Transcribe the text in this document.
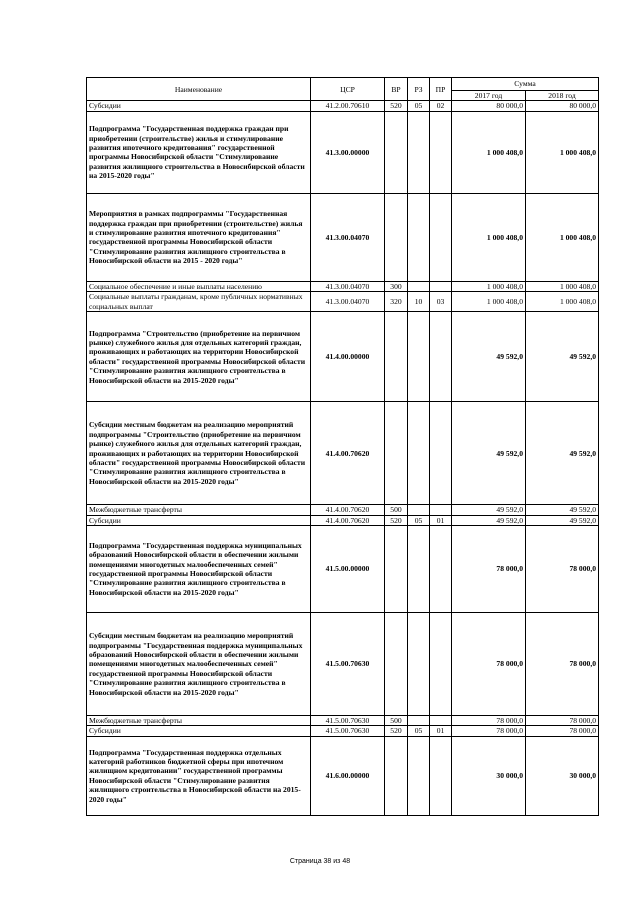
Наименование	ЦСР	ВР	РЗ	ПР	Сумма	
					2017 год	2018 год
Субсидии	41.2.00.70610	520	05	02	80 000,0	80 000,0
Подпрограмма "Государственная поддержка граждан при приобретении (строительстве) жилья и стимулирование развития ипотечного кредитования" государственной программы Новосибирской области "Стимулирование развития жилищного строительства в Новосибирской области на 2015-2020 годы"	41.3.00.00000				1 000 408,0	1 000 408,0
Мероприятия в рамках подпрограммы "Государственная поддержка граждан при приобретении (строительстве) жилья и стимулирование развития ипотечного кредитования" государственной программы Новосибирской области "Стимулирование развития жилищного строительства в Новосибирской области на 2015 - 2020 годы"	41.3.00.04070				1 000 408,0	1 000 408,0
Социальное обеспечение и иные выплаты населению	41.3.00.04070	300			1 000 408,0	1 000 408,0
Социальные выплаты гражданам, кроме публичных нормативных социальных выплат	41.3.00.04070	320	10	03	1 000 408,0	1 000 408,0
Подпрограмма "Строительство (приобретение на первичном рынке) служебного жилья для отдельных категорий граждан, проживающих и работающих на территории Новосибирской области" государственной программы Новосибирской области "Стимулирование развития жилищного строительства в Новосибирской области на 2015-2020 годы"	41.4.00.00000				49 592,0	49 592,0
Субсидии местным бюджетам на реализацию мероприятий подпрограммы "Строительство (приобретение на первичном рынке) служебного жилья для отдельных категорий граждан, проживающих и работающих на территории Новосибирской области" государственной программы Новосибирской области "Стимулирование развития жилищного строительства в Новосибирской области на 2015-2020 годы"	41.4.00.70620				49 592,0	49 592,0
Межбюджетные трансферты	41.4.00.70620	500			49 592,0	49 592,0
Субсидии	41.4.00.70620	520	05	01	49 592,0	49 592,0
Подпрограмма "Государственная поддержка муниципальных образований Новосибирской области в обеспечении жилыми помещениями многодетных малообеспеченных семей" государственной программы Новосибирской области "Стимулирование развития жилищного строительства в Новосибирской области на 2015-2020 годы"	41.5.00.00000				78 000,0	78 000,0
Субсидии местным бюджетам на реализацию мероприятий подпрограммы "Государственная поддержка муниципальных образований Новосибирской области в обеспечении жилыми помещениями многодетных малообеспеченных семей" государственной программы Новосибирской области "Стимулирование развития жилищного строительства в Новосибирской области на 2015-2020 годы"	41.5.00.70630				78 000,0	78 000,0
Межбюджетные трансферты	41.5.00.70630	500			78 000,0	78 000,0
Субсидии	41.5.00.70630	520	05	01	78 000,0	78 000,0
Подпрограмма "Государственная поддержка отдельных категорий работников бюджетной сферы при ипотечном жилищном кредитовании" государственной программы Новосибирской области "Стимулирование развития жилищного строительства в Новосибирской области на 2015-2020 годы"	41.6.00.00000				30 000,0	30 000,0
Страница 38 из 48
